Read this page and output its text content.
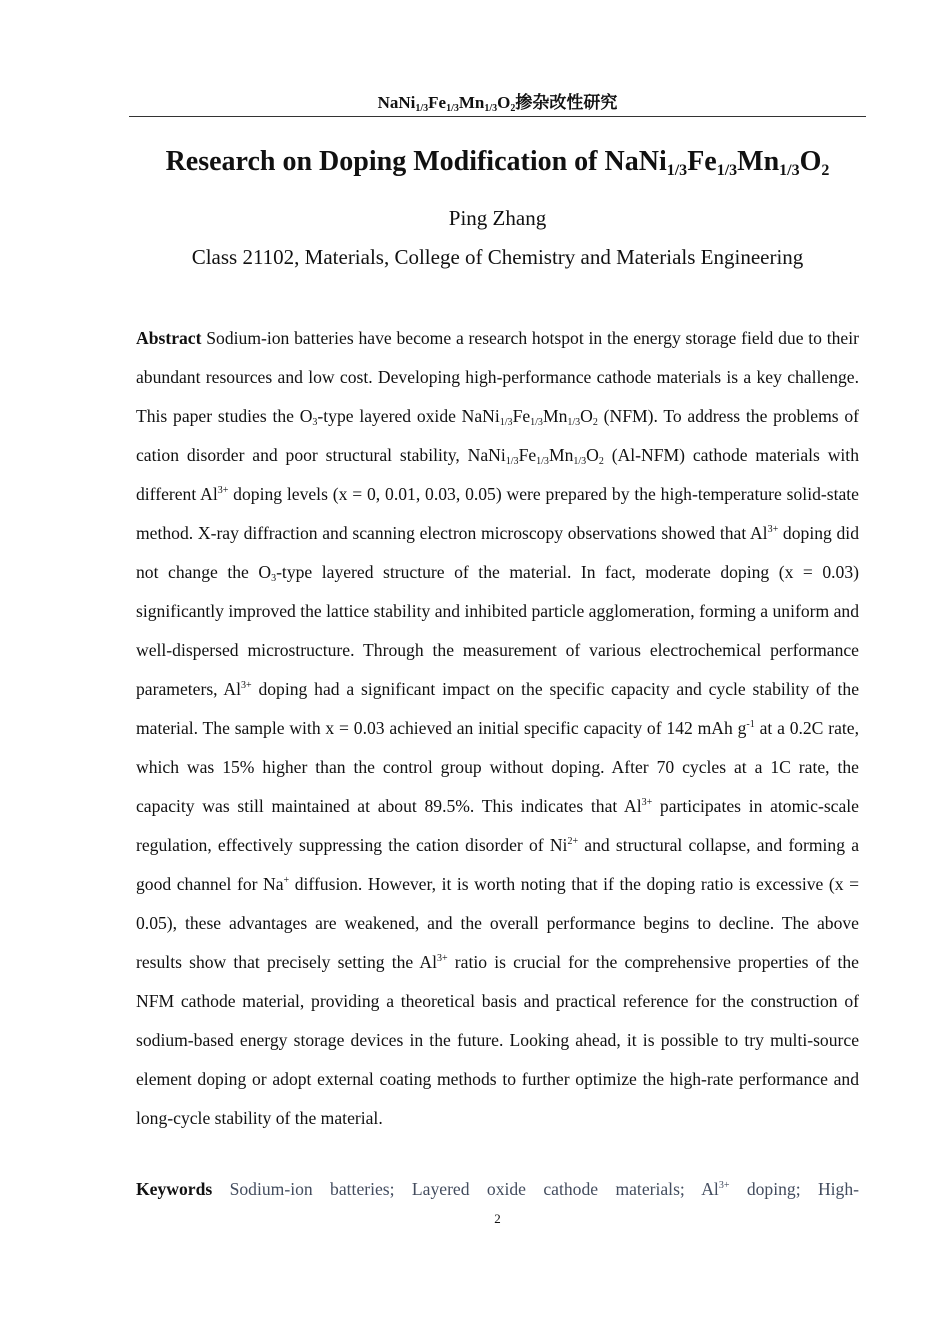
$NaNi_{1/3}Fe_{1/3}Mn_{1/3}O_2$掺杂改性研究
Research on Doping Modification of $NaNi_{1/3}Fe_{1/3}Mn_{1/3}O_2$
Ping Zhang
Class 21102, Materials, College of Chemistry and Materials Engineering
Abstract Sodium-ion batteries have become a research hotspot in the energy storage field due to their abundant resources and low cost. Developing high-performance cathode materials is a key challenge. This paper studies the $O_3$-type layered oxide $NaNi_{1/3}Fe_{1/3}Mn_{1/3}O_2$ (NFM). To address the problems of cation disorder and poor structural stability, $NaNi_{1/3}Fe_{1/3}Mn_{1/3}O_2$ (Al-NFM) cathode materials with different $Al^{3+}$ doping levels (x = 0, 0.01, 0.03, 0.05) were prepared by the high-temperature solid-state method. X-ray diffraction and scanning electron microscopy observations showed that $Al^{3+}$ doping did not change the $O_3$-type layered structure of the material. In fact, moderate doping (x = 0.03) significantly improved the lattice stability and inhibited particle agglomeration, forming a uniform and well-dispersed microstructure. Through the measurement of various electrochemical performance parameters, $Al^{3+}$ doping had a significant impact on the specific capacity and cycle stability of the material. The sample with x = 0.03 achieved an initial specific capacity of 142 mAh $g^{-1}$ at a 0.2C rate, which was 15% higher than the control group without doping. After 70 cycles at a 1C rate, the capacity was still maintained at about 89.5%. This indicates that $Al^{3+}$ participates in atomic-scale regulation, effectively suppressing the cation disorder of $Ni^{2+}$ and structural collapse, and forming a good channel for Na+ diffusion. However, it is worth noting that if the doping ratio is excessive (x = 0.05), these advantages are weakened, and the overall performance begins to decline. The above results show that precisely setting the $Al^{3+}$ ratio is crucial for the comprehensive properties of the NFM cathode material, providing a theoretical basis and practical reference for the construction of sodium-based energy storage devices in the future. Looking ahead, it is possible to try multi-source element doping or adopt external coating methods to further optimize the high-rate performance and long-cycle stability of the material.
Keywords Sodium-ion batteries; Layered oxide cathode materials; $Al^{3+}$ doping; High-
2
